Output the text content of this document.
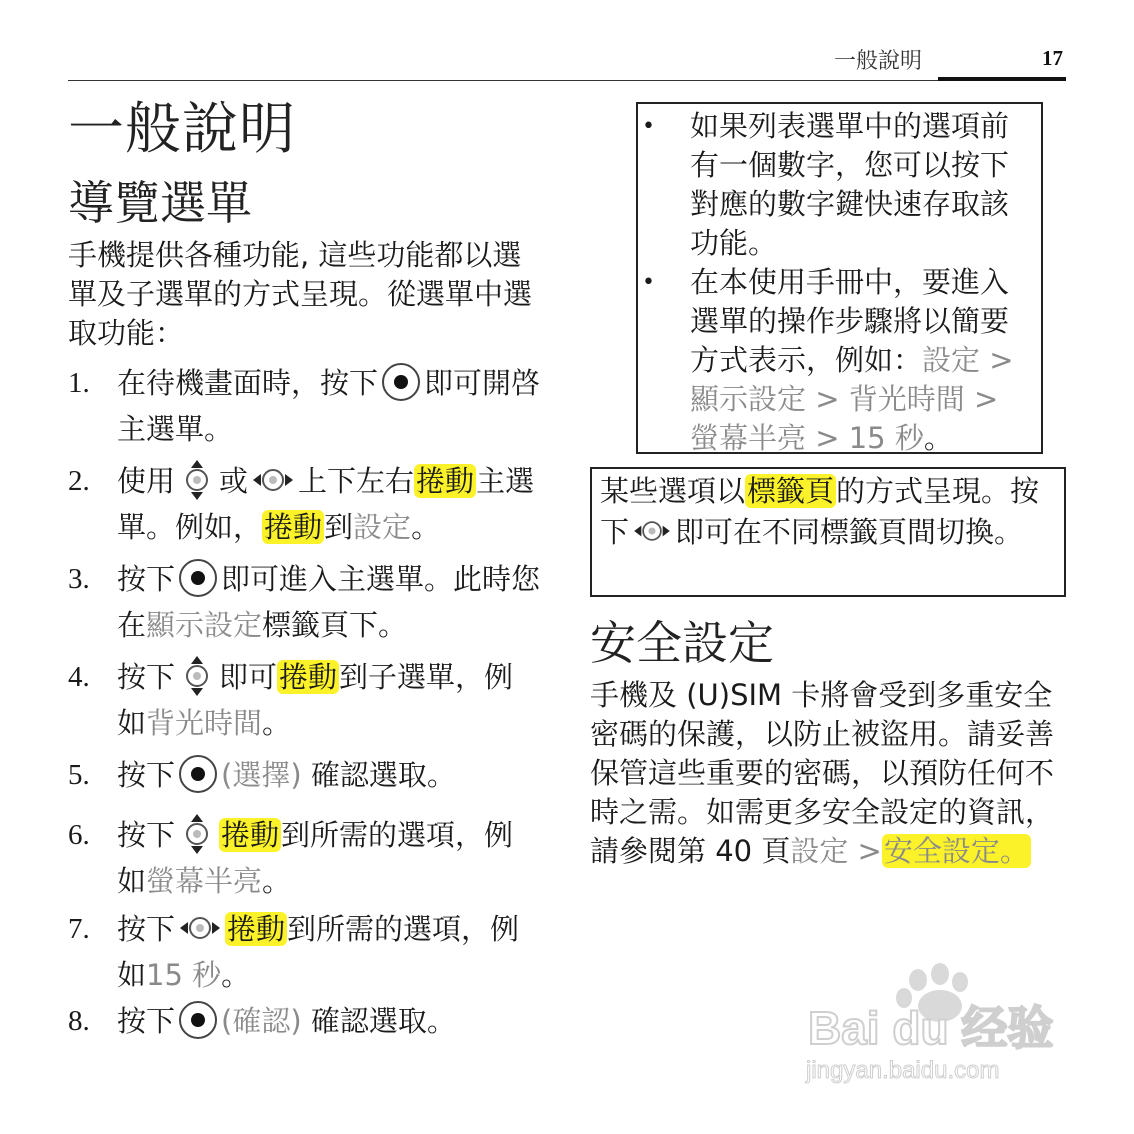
一般說明	17
一般說明
導覽選單
手機提供各種功能, 這些功能都以選單及子選單的方式呈現。從選單中選取功能：
1. 在待機畫面時，按下 即可開啓主選單。
2. 使用 或 上下左右捲動主選單。例如，捲動到設定。
3. 按下 即可進入主選單。此時您在顯示設定標籤頁下。
4. 按下 即可捲動到子選單，例如背光時間。
5. 按下 (選擇) 確認選取。
6. 按下 捲動到所需的選項，例如螢幕半亮。
7. 按下 捲動到所需的選項，例如15 秒。
8. 按下 (確認) 確認選取。
• 如果列表選單中的選項前有一個數字，您可以按下對應的數字鍵快速存取該功能。
• 在本使用手冊中，要進入選單的操作步驟將以簡要方式表示，例如：設定 > 顯示設定 > 背光時間 > 螢幕半亮 > 15 秒。
某些選項以標籤頁的方式呈現。按下 即可在不同標籤頁間切換。
安全設定
手機及 (U)SIM 卡將會受到多重安全密碼的保護，以防止被盜用。請妥善保管這些重要的密碼，以預防任何不時之需。如需更多安全設定的資訊，請參閱第 40 頁設定 >安全設定。
Bai du 经验
jingyan.baidu.com
